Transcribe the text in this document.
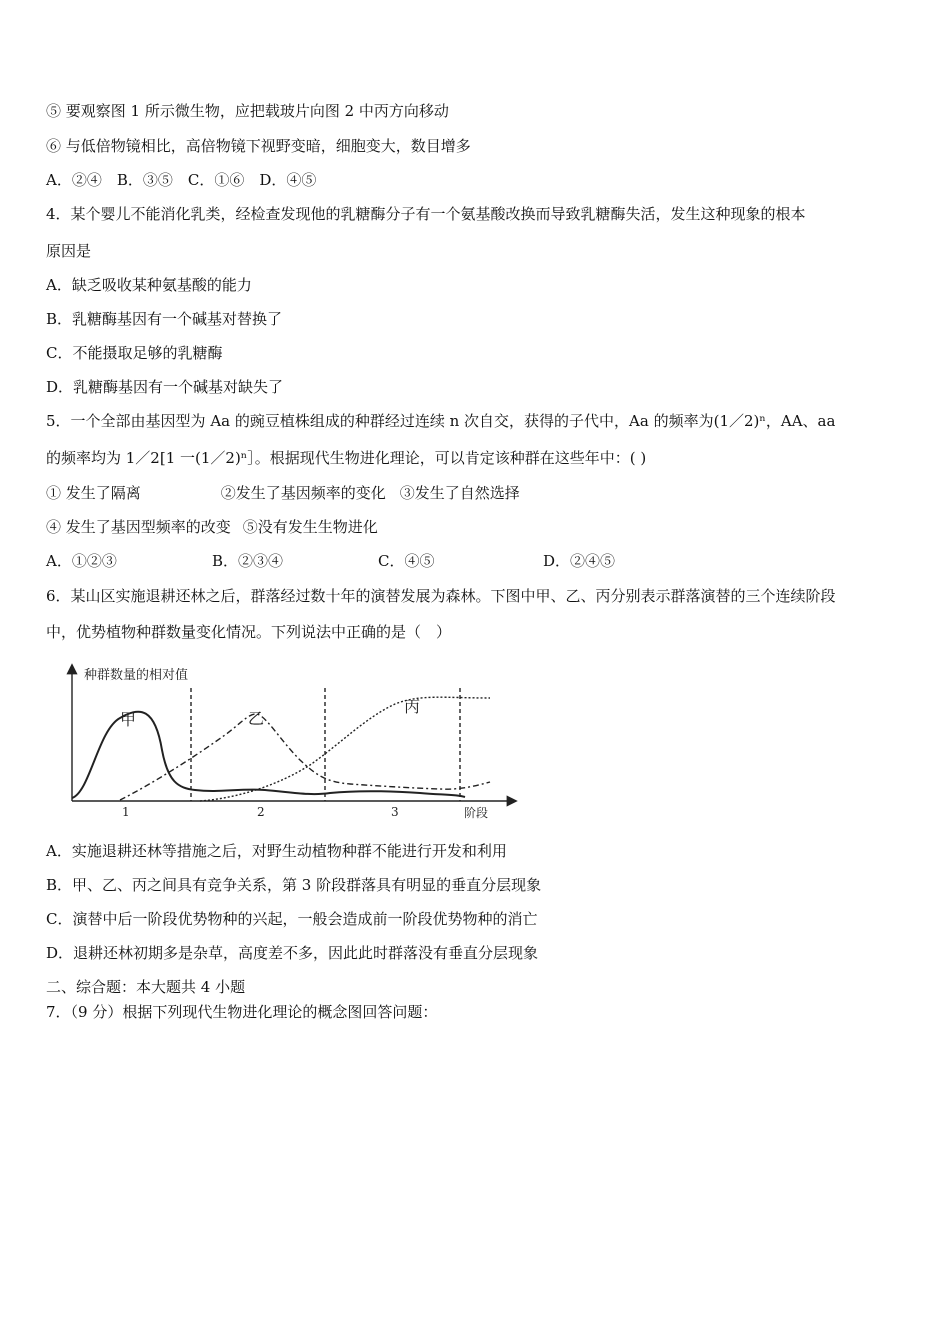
⑤ 要观察图 1 所示微生物，应把载玻片向图 2 中丙方向移动
⑥ 与低倍物镜相比，高倍物镜下视野变暗，细胞变大，数目增多
A．②④　B．③⑤　C．①⑥　D．④⑤
4．某个婴儿不能消化乳类，经检查发现他的乳糖酶分子有一个氨基酸改换而导致乳糖酶失活，发生这种现象的根本
原因是
A．缺乏吸收某种氨基酸的能力
B．乳糖酶基因有一个碱基对替换了
C．不能摄取足够的乳糖酶
D．乳糖酶基因有一个碱基对缺失了
5．一个全部由基因型为 Aa 的豌豆植株组成的种群经过连续 n 次自交，获得的子代中，Aa 的频率为(1／2)ⁿ，AA、aa
的频率均为 1／2[1 一(1／2)ⁿ］。根据现代生物进化理论，可以肯定该种群在这些年中：( )
① 发生了隔离	②发生了基因频率的变化 ③发生了自然选择
④ 发生了基因型频率的改变 ⑤没有发生生物进化
A．①②③	B．②③④	C．④⑤	D．②④⑤
6．某山区实施退耕还林之后，群落经过数十年的演替发展为森林。下图中甲、乙、丙分别表示群落演替的三个连续阶段
中，优势植物种群数量变化情况。下列说法中正确的是（　）
种群数量的相对值
阶段
1	2	3
甲	乙
丙
A．实施退耕还林等措施之后，对野生动植物种群不能进行开发和利用
B．甲、乙、丙之间具有竞争关系，第 3 阶段群落具有明显的垂直分层现象
C．演替中后一阶段优势物种的兴起，一般会造成前一阶段优势物种的消亡
D．退耕还林初期多是杂草，高度差不多，因此此时群落没有垂直分层现象
二、综合题：本大题共 4 小题
7．（9 分）根据下列现代生物进化理论的概念图回答问题：
